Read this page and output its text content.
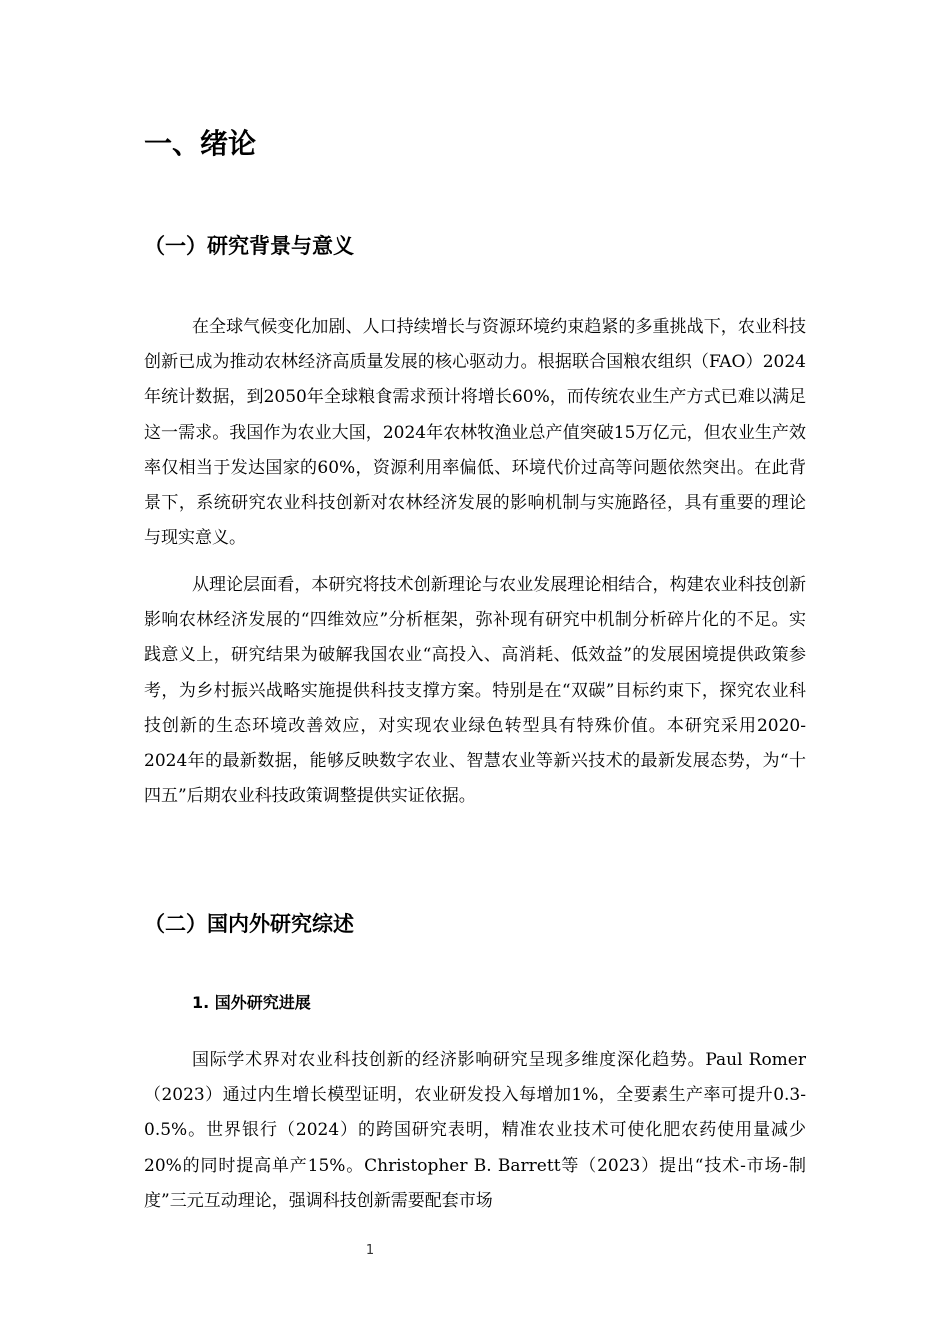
一、绪论
（一）研究背景与意义

在全球气候变化加剧、人口持续增长与资源环境约束趋紧的多重挑战下，农业科技创新已成为推动农林经济高质量发展的核心驱动力。根据联合国粮农组织（FAO）2024年统计数据，到2050年全球粮食需求预计将增长60%，而传统农业生产方式已难以满足这一需求。我国作为农业大国，2024年农林牧渔业总产值突破15万亿元，但农业生产效率仅相当于发达国家的60%，资源利用率偏低、环境代价过高等问题依然突出。在此背景下，系统研究农业科技创新对农林经济发展的影响机制与实施路径，具有重要的理论与现实意义。

从理论层面看，本研究将技术创新理论与农业发展理论相结合，构建农业科技创新影响农林经济发展的“四维效应”分析框架，弥补现有研究中机制分析碎片化的不足。实践意义上，研究结果为破解我国农业“高投入、高消耗、低效益”的发展困境提供政策参考，为乡村振兴战略实施提供科技支撑方案。特别是在“双碳”目标约束下，探究农业科技创新的生态环境改善效应，对实现农业绿色转型具有特殊价值。本研究采用2020-2024年的最新数据，能够反映数字农业、智慧农业等新兴技术的最新发展态势，为“十四五”后期农业科技政策调整提供实证依据。

（二）国内外研究综述
1. 国外研究进展

国际学术界对农业科技创新的经济影响研究呈现多维度深化趋势。Paul Romer（2023）通过内生增长模型证明，农业研发投入每增加1%，全要素生产率可提升0.3-0.5%。世界银行（2024）的跨国研究表明，精准农业技术可使化肥农药使用量减少20%的同时提高单产15%。Christopher B. Barrett等（2023）提出“技术-市场-制度”三元互动理论，强调科技创新需要配套市场

1
